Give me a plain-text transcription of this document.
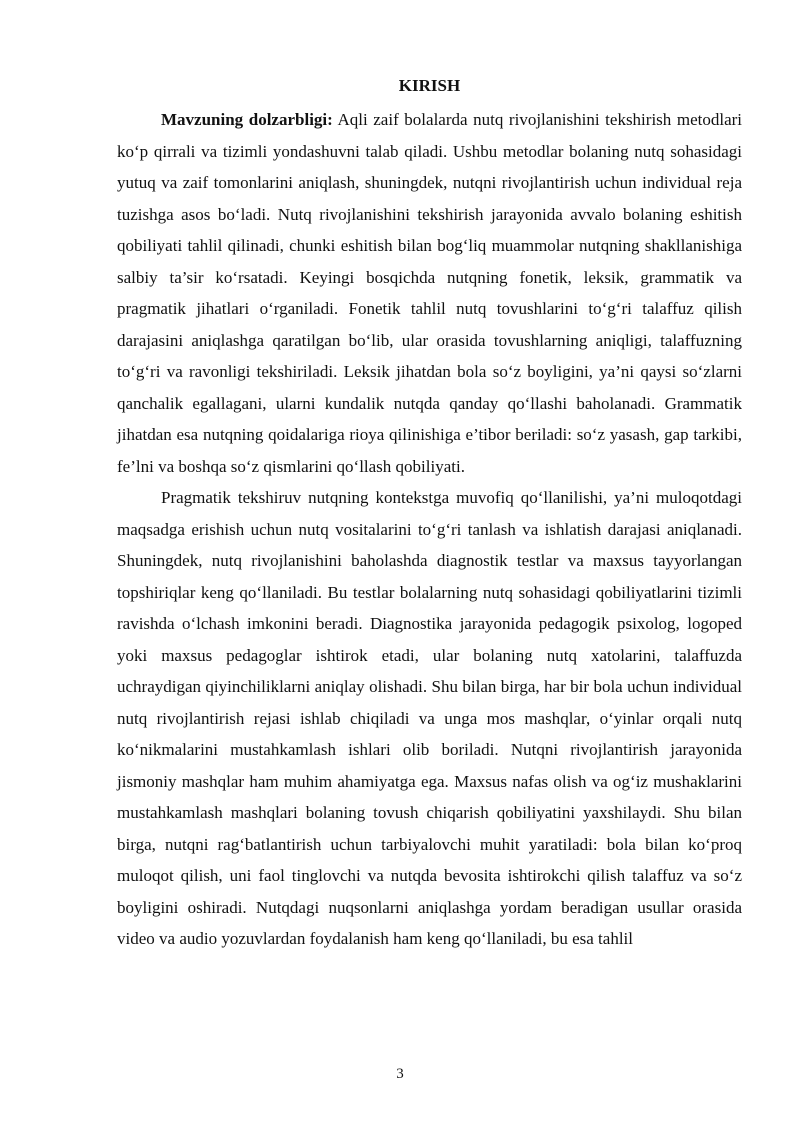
KIRISH

Mavzuning dolzarbligi: Aqli zaif bolalarda nutq rivojlanishini tekshirish metodlari ko‘p qirrali va tizimli yondashuvni talab qiladi. Ushbu metodlar bolaning nutq sohasidagi yutuq va zaif tomonlarini aniqlash, shuningdek, nutqni rivojlantirish uchun individual reja tuzishga asos bo‘ladi. Nutq rivojlanishini tekshirish jarayonida avvalo bolaning eshitish qobiliyati tahlil qilinadi, chunki eshitish bilan bog‘liq muammolar nutqning shakllanishiga salbiy ta’sir ko‘rsatadi. Keyingi bosqichda nutqning fonetik, leksik, grammatik va pragmatik jihatlari o‘rganiladi. Fonetik tahlil nutq tovushlarini to‘g‘ri talaffuz qilish darajasini aniqlashga qaratilgan bo‘lib, ular orasida tovushlarning aniqligi, talaffuzning to‘g‘ri va ravonligi tekshiriladi. Leksik jihatdan bola so‘z boyligini, ya’ni qaysi so‘zlarni qanchalik egallagani, ularni kundalik nutqda qanday qo‘llashi baholanadi. Grammatik jihatdan esa nutqning qoidalariga rioya qilinishiga e’tibor beriladi: so‘z yasash, gap tarkibi, fe’lni va boshqa so‘z qismlarini qo‘llash qobiliyati.

Pragmatik tekshiruv nutqning kontekstga muvofiq qo‘llanilishi, ya’ni muloqotdagi maqsadga erishish uchun nutq vositalarini to‘g‘ri tanlash va ishlatish darajasi aniqlanadi. Shuningdek, nutq rivojlanishini baholashda diagnostik testlar va maxsus tayyorlangan topshiriqlar keng qo‘llaniladi. Bu testlar bolalarning nutq sohasidagi qobiliyatlarini tizimli ravishda o‘lchash imkonini beradi. Diagnostika jarayonida pedagogik psixolog, logoped yoki maxsus pedagoglar ishtirok etadi, ular bolaning nutq xatolarini, talaffuzda uchraydigan qiyinchiliklarni aniqlay olishadi. Shu bilan birga, har bir bola uchun individual nutq rivojlantirish rejasi ishlab chiqiladi va unga mos mashqlar, o‘yinlar orqali nutq ko‘nikmalarini mustahkamlash ishlari olib boriladi. Nutqni rivojlantirish jarayonida jismoniy mashqlar ham muhim ahamiyatga ega. Maxsus nafas olish va og‘iz mushaklarini mustahkamlash mashqlari bolaning tovush chiqarish qobiliyatini yaxshilaydi. Shu bilan birga, nutqni rag‘batlantirish uchun tarbiyalovchi muhit yaratiladi: bola bilan ko‘proq muloqot qilish, uni faol tinglovchi va nutqda bevosita ishtirokchi qilish talaffuz va so‘z boyligini oshiradi. Nutqdagi nuqsonlarni aniqlashga yordam beradigan usullar orasida video va audio yozuvlardan foydalanish ham keng qo‘llaniladi, bu esa tahlil

3
